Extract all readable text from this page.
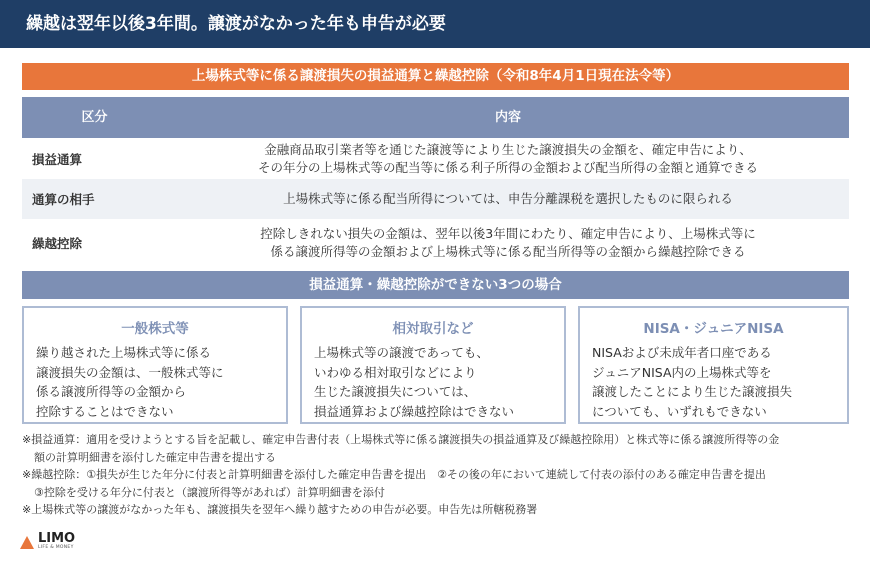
繰越は翌年以後3年間。譲渡がなかった年も申告が必要
上場株式等に係る譲渡損失の損益通算と繰越控除（令和8年4月1日現在法令等）
区分	内容
損益通算
金融商品取引業者等を通じた譲渡等により生じた譲渡損失の金額を、確定申告により、
その年分の上場株式等の配当等に係る利子所得の金額および配当所得の金額と通算できる
通算の相手	上場株式等に係る配当所得については、申告分離課税を選択したものに限られる
繰越控除
控除しきれない損失の金額は、翌年以後3年間にわたり、確定申告により、上場株式等に
係る譲渡所得等の金額および上場株式等に係る配当所得等の金額から繰越控除できる
損益通算・繰越控除ができない3つの場合
一般株式等
繰り越された上場株式等に係る
譲渡損失の金額は、一般株式等に
係る譲渡所得等の金額から
控除することはできない
相対取引など
上場株式等の譲渡であっても、
いわゆる相対取引などにより
生じた譲渡損失については、
損益通算および繰越控除はできない
NISA・ジュニアNISA
NISAおよび未成年者口座である
ジュニアNISA内の上場株式等を
譲渡したことにより生じた譲渡損失
についても、いずれもできない
※損益通算：適用を受けようとする旨を記載し、確定申告書付表（上場株式等に係る譲渡損失の損益通算及び繰越控除用）と株式等に係る譲渡所得等の金
額の計算明細書を添付した確定申告書を提出する
※繰越控除：①損失が生じた年分に付表と計算明細書を添付した確定申告書を提出　②その後の年において連続して付表の添付のある確定申告書を提出
③控除を受ける年分に付表と（譲渡所得等があれば）計算明細書を添付
※上場株式等の譲渡がなかった年も、譲渡損失を翌年へ繰り越すための申告が必要。申告先は所轄税務署
LIMO
LIFE & MONEY
